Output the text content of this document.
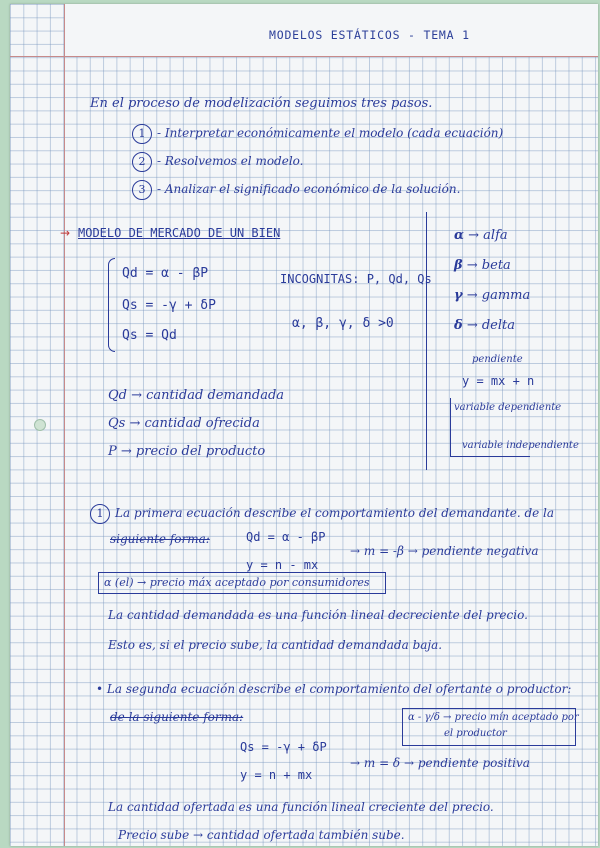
MODELOS ESTÁTICOS - TEMA 1
En el proceso de modelización seguimos tres pasos.
1 - Interpretar económicamente el modelo (cada ecuación)
2 - Resolvemos el modelo.
3 - Analizar el significado económico de la solución.
→ MODELO DE MERCADO DE UN BIEN
Qd = α - βP
Qs = -γ + δP
Qs = Qd
INCOGNITAS: P, Qd, Qs
α, β, γ, δ >0
α → alfa
β → beta
γ → gamma
δ → delta
pendiente
y = mx + n
variable dependiente
variable independiente
Qd → cantidad demandada
Qs → cantidad ofrecida
P → precio del producto
1 La primera ecuación describe el comportamiento del demandante. de la
siguiente forma:	Qd = α - βP
y = n - mx
→ m = -β → pendiente negativa
α (el) → precio máx aceptado por consumidores
La cantidad demandada es una función lineal decreciente del precio.
Esto es, si el precio sube, la cantidad demandada baja.
• La segunda ecuación describe el comportamiento del ofertante o productor:
de la siguiente forma:	α - γ/δ → precio mín aceptado por
el productor
Qs = -γ + δP
y = n + mx
→ m = δ → pendiente positiva
La cantidad ofertada es una función lineal creciente del precio.
Precio sube → cantidad ofertada también sube.
